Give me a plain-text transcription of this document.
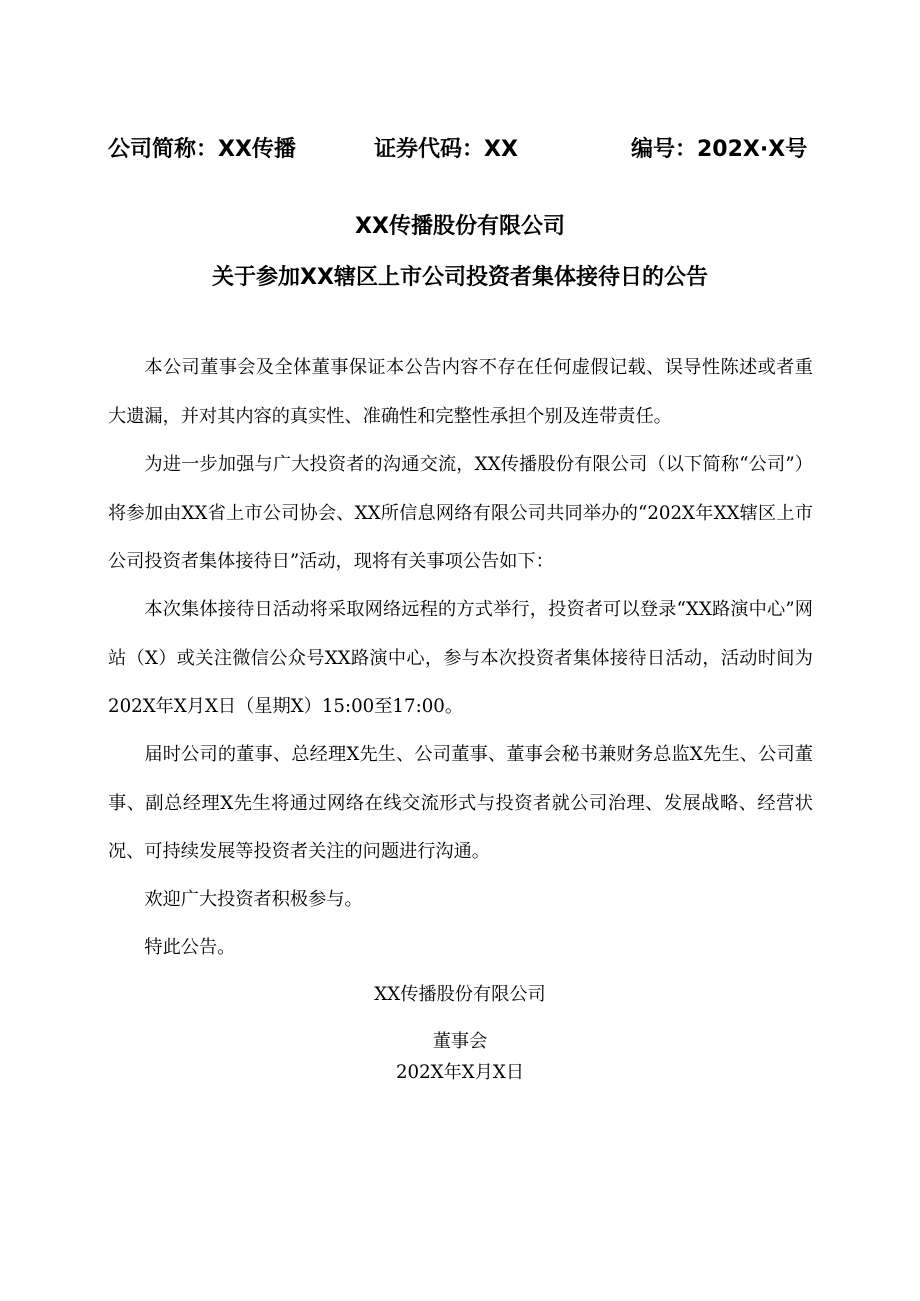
公司简称：XX传播	证券代码：XX	编号：202X·X号
XX传播股份有限公司
关于参加XX辖区上市公司投资者集体接待日的公告

本公司董事会及全体董事保证本公告内容不存在任何虚假记载、误导性陈述或者重大遗漏，并对其内容的真实性、准确性和完整性承担个别及连带责任。

为进一步加强与广大投资者的沟通交流，XX传播股份有限公司（以下简称“公司”）将参加由XX省上市公司协会、XX所信息网络有限公司共同举办的“202X年XX辖区上市公司投资者集体接待日”活动，现将有关事项公告如下：

本次集体接待日活动将采取网络远程的方式举行，投资者可以登录“XX路演中心”网站（X）或关注微信公众号XX路演中心，参与本次投资者集体接待日活动，活动时间为202X年X月X日（星期X）15:00至17:00。

届时公司的董事、总经理X先生、公司董事、董事会秘书兼财务总监X先生、公司董事、副总经理X先生将通过网络在线交流形式与投资者就公司治理、发展战略、经营状况、可持续发展等投资者关注的问题进行沟通。

欢迎广大投资者积极参与。

特此公告。

XX传播股份有限公司
董事会
202X年X月X日
